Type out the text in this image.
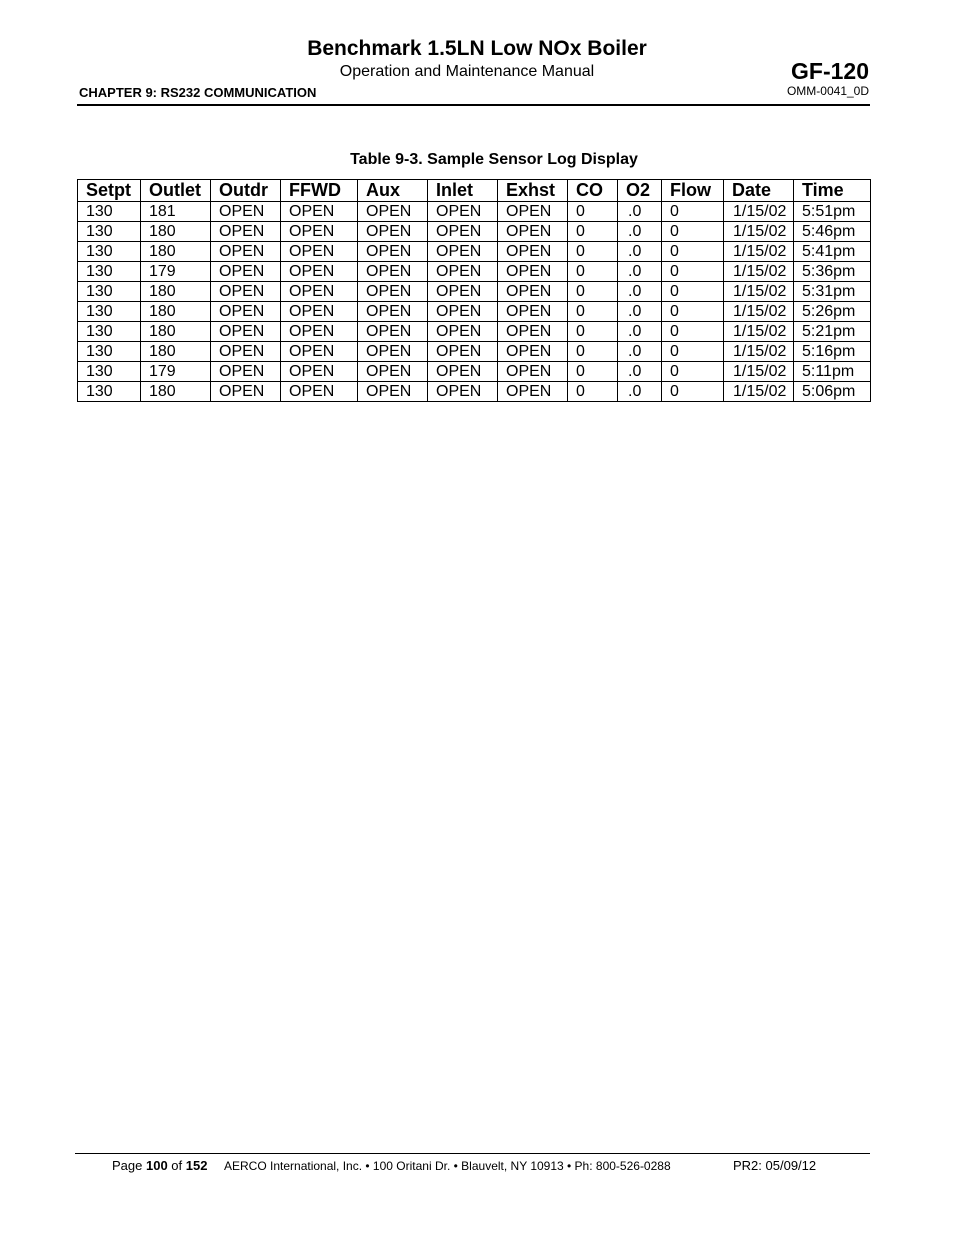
Benchmark 1.5LN Low NOx Boiler
Operation and Maintenance Manual
CHAPTER 9: RS232 COMMUNICATION
GF-120
OMM-0041_0D
Table 9-3. Sample Sensor Log Display
Setpt	Outlet	Outdr	FFWD	Aux	Inlet	Exhst	CO	O2	Flow	Date	Time
130	181	OPEN	OPEN	OPEN	OPEN	OPEN	0	.0	0	1/15/02	5:51pm
130	180	OPEN	OPEN	OPEN	OPEN	OPEN	0	.0	0	1/15/02	5:46pm
130	180	OPEN	OPEN	OPEN	OPEN	OPEN	0	.0	0	1/15/02	5:41pm
130	179	OPEN	OPEN	OPEN	OPEN	OPEN	0	.0	0	1/15/02	5:36pm
130	180	OPEN	OPEN	OPEN	OPEN	OPEN	0	.0	0	1/15/02	5:31pm
130	180	OPEN	OPEN	OPEN	OPEN	OPEN	0	.0	0	1/15/02	5:26pm
130	180	OPEN	OPEN	OPEN	OPEN	OPEN	0	.0	0	1/15/02	5:21pm
130	180	OPEN	OPEN	OPEN	OPEN	OPEN	0	.0	0	1/15/02	5:16pm
130	179	OPEN	OPEN	OPEN	OPEN	OPEN	0	.0	0	1/15/02	5:11pm
130	180	OPEN	OPEN	OPEN	OPEN	OPEN	0	.0	0	1/15/02	5:06pm
Page 100 of 152 AERCO International, Inc. • 100 Oritani Dr. • Blauvelt, NY 10913 • Ph: 800-526-0288	PR2: 05/09/12
